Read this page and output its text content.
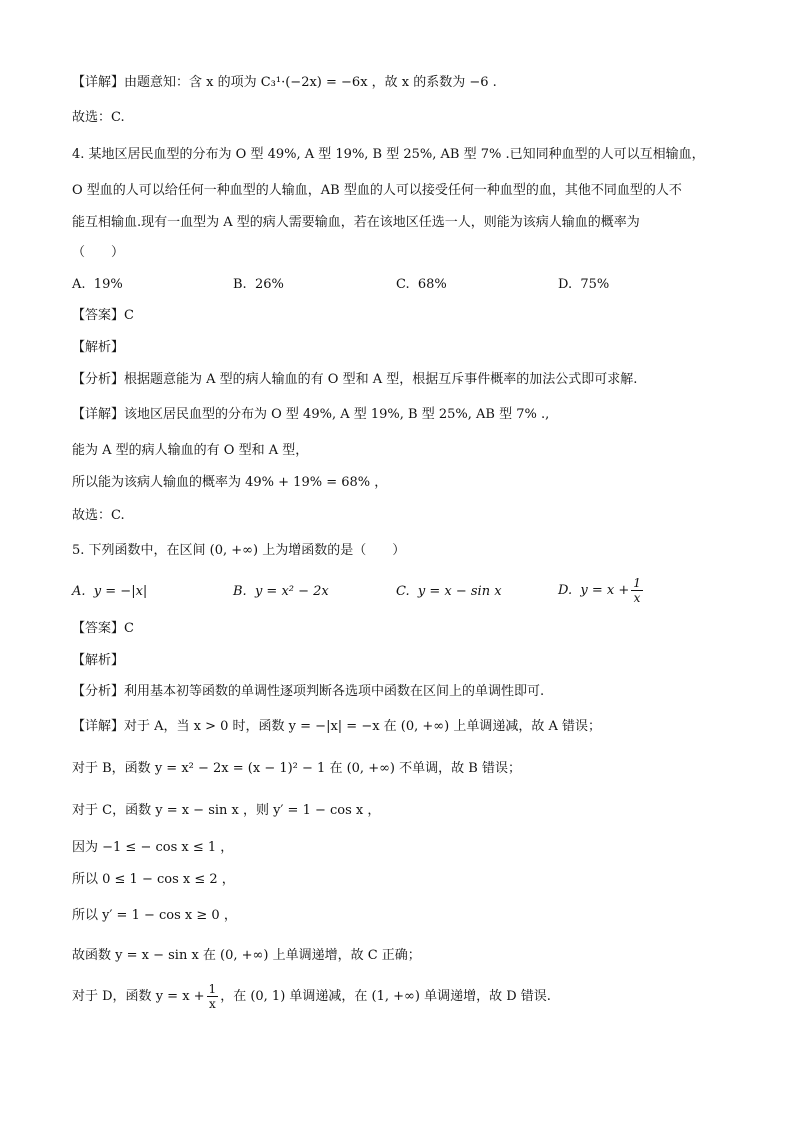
【详解】由题意知：含 x 的项为 C₃¹·(−2x) = −6x ，故 x 的系数为 −6 .
故选：C.
4. 某地区居民血型的分布为 O 型 49%, A 型 19%, B 型 25%, AB 型 7% .已知同种血型的人可以互相输血，
O 型血的人可以给任何一种血型的人输血，AB 型血的人可以接受任何一种血型的血，其他不同血型的人不
能互相输血.现有一血型为 A 型的病人需要输血，若在该地区任选一人，则能为该病人输血的概率为
（　　）
A. 19%	B. 26%	C. 68%	D. 75%
【答案】C
【解析】
【分析】根据题意能为 A 型的病人输血的有 O 型和 A 型，根据互斥事件概率的加法公式即可求解.
【详解】该地区居民血型的分布为 O 型 49%, A 型 19%, B 型 25%, AB 型 7% .,
能为 A 型的病人输血的有 O 型和 A 型，
所以能为该病人输血的概率为 49% + 19% = 68% ，
故选：C.
5. 下列函数中，在区间 (0, +∞) 上为增函数的是（　　）
A. y = −|x|	B. y = x² − 2x	C. y = x − sin x	D. $y = x + \frac{1}{x}$
【答案】C
【解析】
【分析】利用基本初等函数的单调性逐项判断各选项中函数在区间上的单调性即可.
【详解】对于 A，当 x > 0 时，函数 y = −|x| = −x 在 (0, +∞) 上单调递减，故 A 错误；
对于 B，函数 y = x² − 2x = (x − 1)² − 1 在 (0, +∞) 不单调，故 B 错误；
对于 C，函数 y = x − sin x ，则 y′ = 1 − cos x ，
因为 −1 ≤ − cos x ≤ 1 ，
所以 0 ≤ 1 − cos x ≤ 2 ，
所以 y′ = 1 − cos x ≥ 0 ，
故函数 y = x − sin x 在 (0, +∞) 上单调递增，故 C 正确；
对于 D，函数 $y = x + \frac{1}{x}$ ，在 (0, 1) 单调递减，在 (1, +∞) 单调递增，故 D 错误.
